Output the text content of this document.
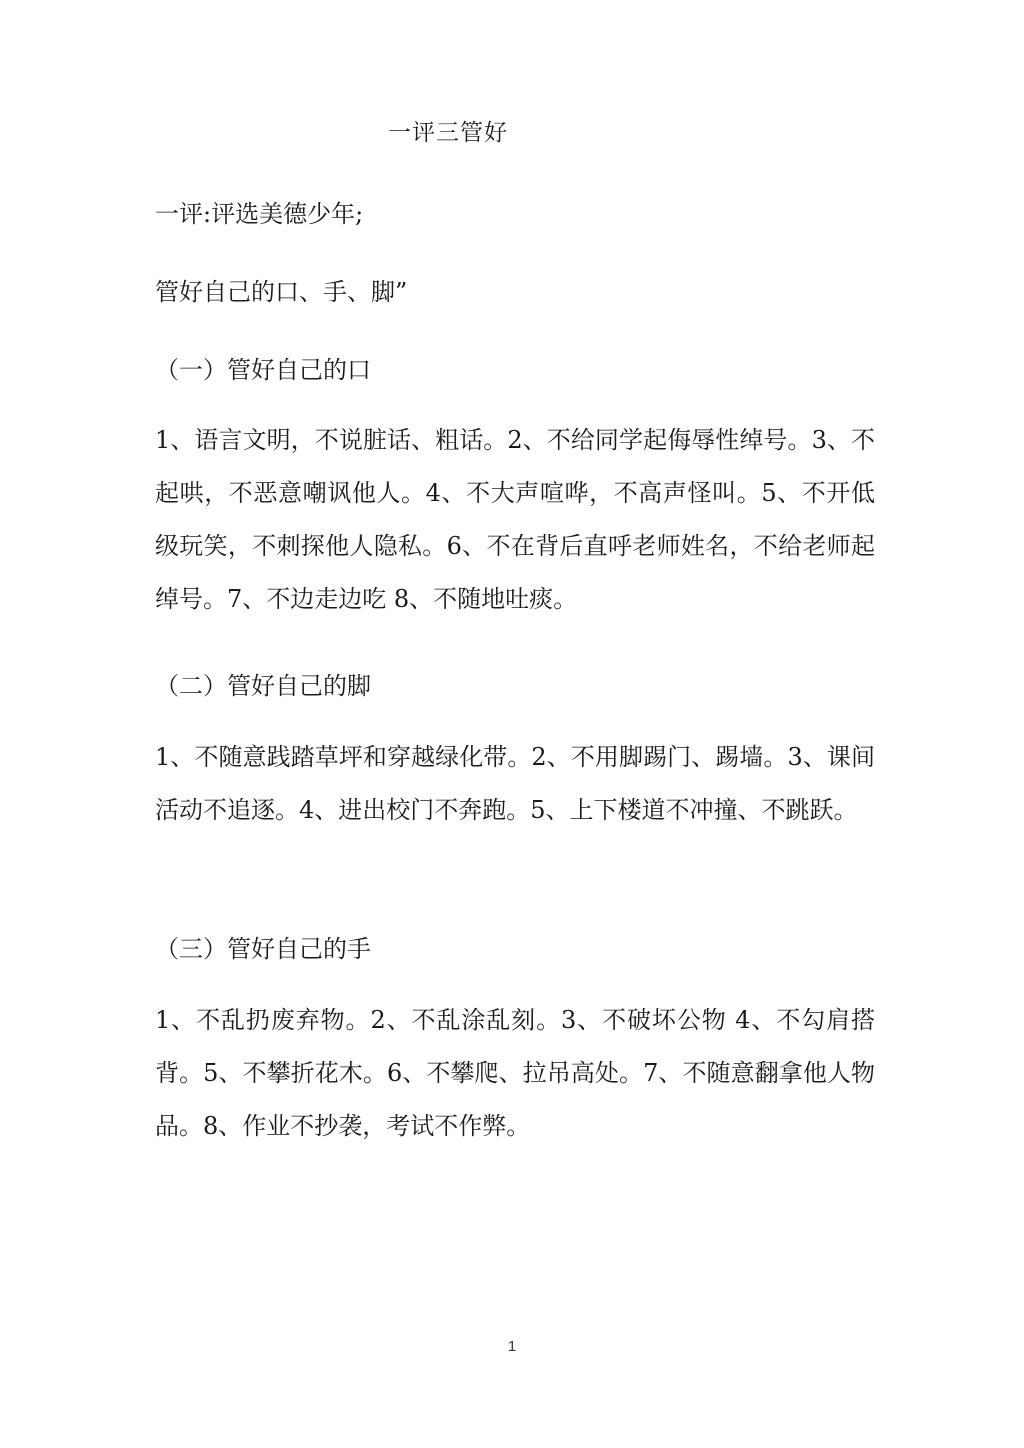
一评三管好
一评:评选美德少年;
管好自己的口、手、脚”
（一）管好自己的口
1、语言文明，不说脏话、粗话。2、不给同学起侮辱性绰号。3、不起哄，不恶意嘲讽他人。4、不大声喧哗，不高声怪叫。5、不开低级玩笑，不刺探他人隐私。6、不在背后直呼老师姓名，不给老师起绰号。7、不边走边吃 8、不随地吐痰。
（二）管好自己的脚
1、不随意践踏草坪和穿越绿化带。2、不用脚踢门、踢墙。3、课间活动不追逐。4、进出校门不奔跑。5、上下楼道不冲撞、不跳跃。
（三）管好自己的手
1、不乱扔废弃物。2、不乱涂乱刻。3、不破坏公物 4、不勾肩搭背。5、不攀折花木。6、不攀爬、拉吊高处。7、不随意翻拿他人物品。8、作业不抄袭，考试不作弊。
1
